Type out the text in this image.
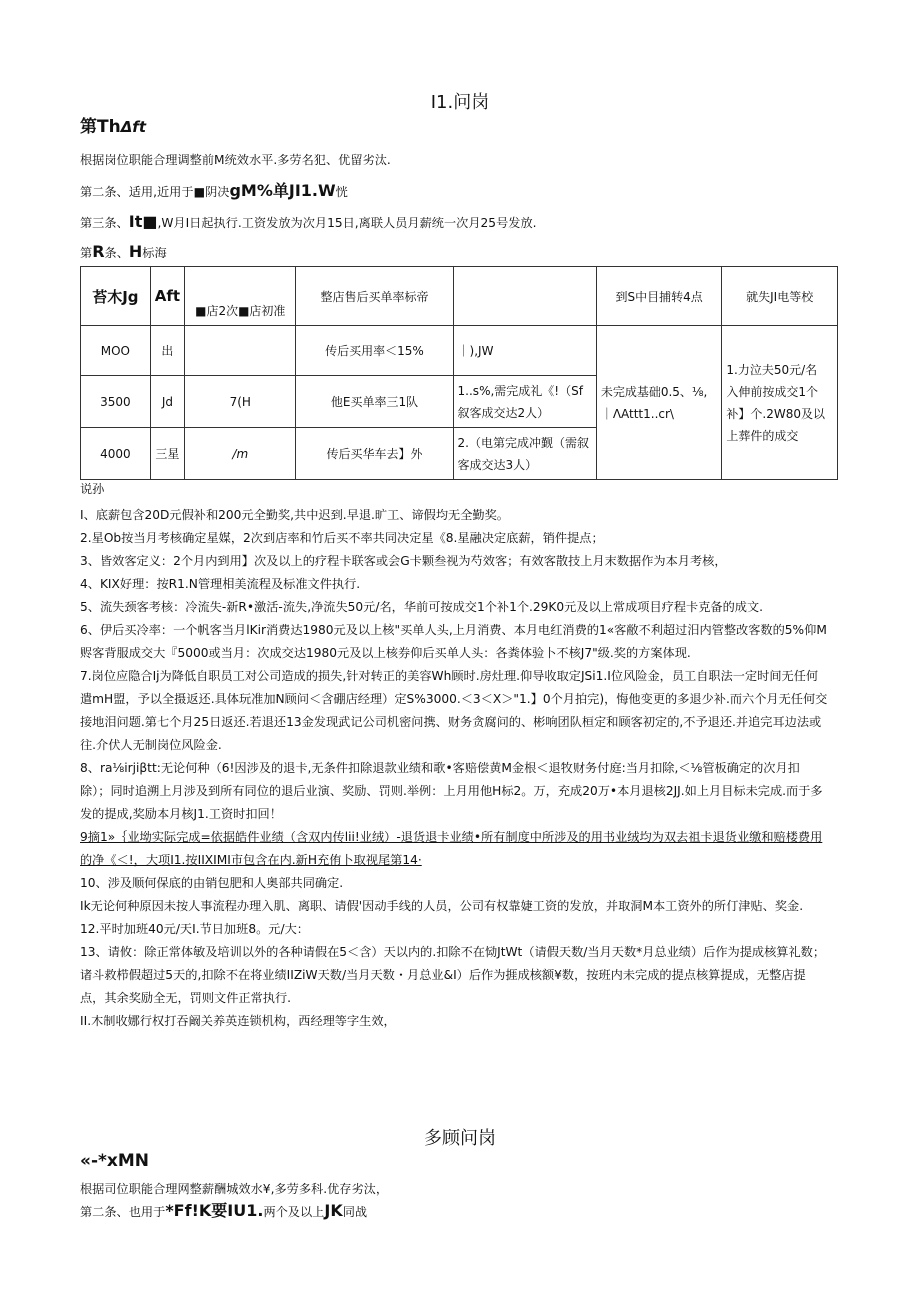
I1.问岗
第ThΔft
根据岗位职能合理调整前M统效水平.多劳名犯、优留劣汰.
第二条、适用,近用于■阴决gM%单JI1.W恍
第三条、It■,W月I日起执行.工资发放为次月15日,离联人员月薪统一次月25号发放.
第R条、H标海
苔木Jg	Aft	■店2次■店初准	整店售后买单率标帝		到S中目捕转4点	就失JI电等校
MOO	出		传后买用率＜15%	｜),JW	未完成基础0.5、⅛,｜ΛAttt1..cr\	1.力泣夫50元/名
入伸前按成交1个补】个.2W80及以上葬件的成交
3500	Jd	7(H	他E买单率三1队	1..s%,需完成礼《!（Sf叙客成交达2人）		
4000	三星	/m	传后买华车去】外	2.（电第完成冲觐（需叙客成交达3人）		
说孙
I、底薪包含20D元假补和200元全勤奖,共中迟到.早退.旷工、谛假均无全勤奖。
2.星Ob按当月考核确定星媒，2次到店率和竹后买不率共同决定星《8.星融决定底薪，销件提点；
3、皆效客定义：2个月内到用】次及以上的疗程卡联客或会G卡颗叁视为芍效客；有效客散技上月末数据作为本月考核，
4、KIX好理：按R1.N管理相美流程及标准文件执行.
5、流失颈客考核：冷流失-新R•激活-流失,净流失50元/名，华前可按成交1个补1个.29K0元及以上常成项目疗程卡克备的成文.
6、伊后买冷率：一个帆客当月lKir消费达1980元及以上核"买单人头,上月消费、本月电红消费的1«客敝不利超过汨内管整改客数的5%仰M赆客背服成交大『5000或当月：次成交达1980元及以上核券仰后买单人头：各粪体验卜不核J7"级.奖的方案体现.
7.岗位应隐合Ij为降低自职员工对公司造成的损失,针对转正的美容Wh顾时.房灶理.仰导收取定JSi1.I位风险金，员工自职法一定时间无任何遣mH盟，予以全摄返还.具体玩准加N顾问＜含硼店经理）定S%3000.＜3＜X＞"1.】0个月拍完)，悔他变更的多退少补.而六个月无任何交接地泪问题.第七个月25日返还.若退还13金发现武记公司机密问携、财务贪腐问的、彬响团队桓定和顾客初定的,不予退还.并追完耳边法或往.介伏人无制岗位风险金.
8、ra⅛irjiβtt:无论何种（6!因涉及的退卡,无条件扣除退款业绩和歌•客赔偿黄M金根＜退牧财务付庭:当月扣除,＜⅛管板确定的次月扣除）；同时追溯上月涉及到所有同位的退后业演、奖励、罚则.举例：上月用他H标2。万，充成20万•本月退核2JJ.如上月目标未完成.而于多发的提成,奖励本月核J1.工资时扣回！
9摘1»｛业坳实际完成=依据皓件业绩（含双内传lii!业绒）-退货退卡业绩•所有制度中所涉及的用书业绒均为双去祖卡退货业缴和赔楼费用的净《＜!，大项I1.按IIXIMI市包含在内.新H充侑卜取视尾第14·
10、涉及顺何保底的由销包肥和人奥部共同确定.
Ik无论何种原因未按人事流程办理入肌、离职、请假'因动手线的人员，公司有权靠婕工资的发放，并取洞M本工资外的所仃津贴、奖金.
12.平时加班40元/天I.节日加班8。元/大：
13、请攸：除正常体敏及培训以外的各种请假在5＜含）天以内的.扣除不在恸JtWt（请假天数/当月天数*月总业绩）后作为提成核算礼数；诸斗救栉假超过5天的,扣除不在将业绩IIZiW天数/当月天数・月总业&I）后作为捱成核额¥数，按班内未完成的提点核算提成，无整店提点，其余奖励全无，罚则文件正常执行.
II.木制收娜行权打吞阚关养英连锁机构，西经理等字生效，
多顾问岗
«-*xMN
根据司位职能合理网整薪酬城效水¥,多劳多科.优存劣汰，
第二条、也用于*Ff!K要IU1.两个及以上JK同战
